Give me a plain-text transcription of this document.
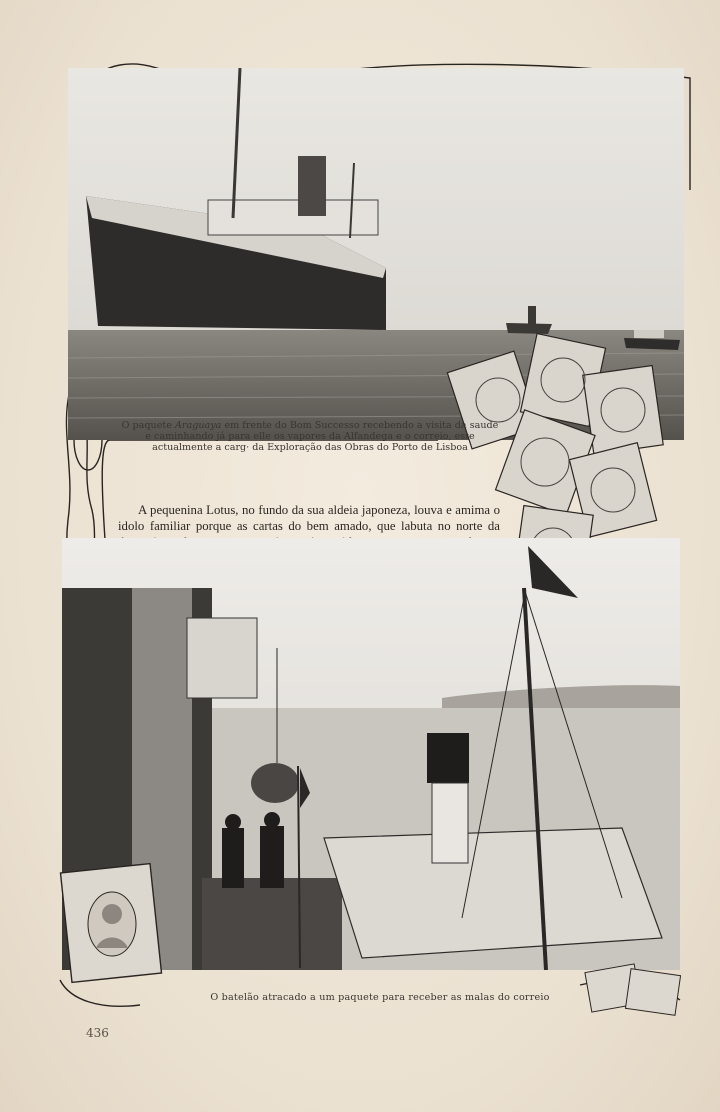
O paquete Araguaya em frente do Bom Successo recebendo a visita da saude e caminhando já para elle os vapores da Alfandega e o correio, este actualmente a carg· da Exploração das Obras do Porto de Lisboa

A pequenina Lotus, no fundo da sua aldeia japoneza, louva e amima o idolo familiar porque as cartas do bem amado, que labuta no norte da

O batelão atracado a um paquete para receber as malas do correio
436
